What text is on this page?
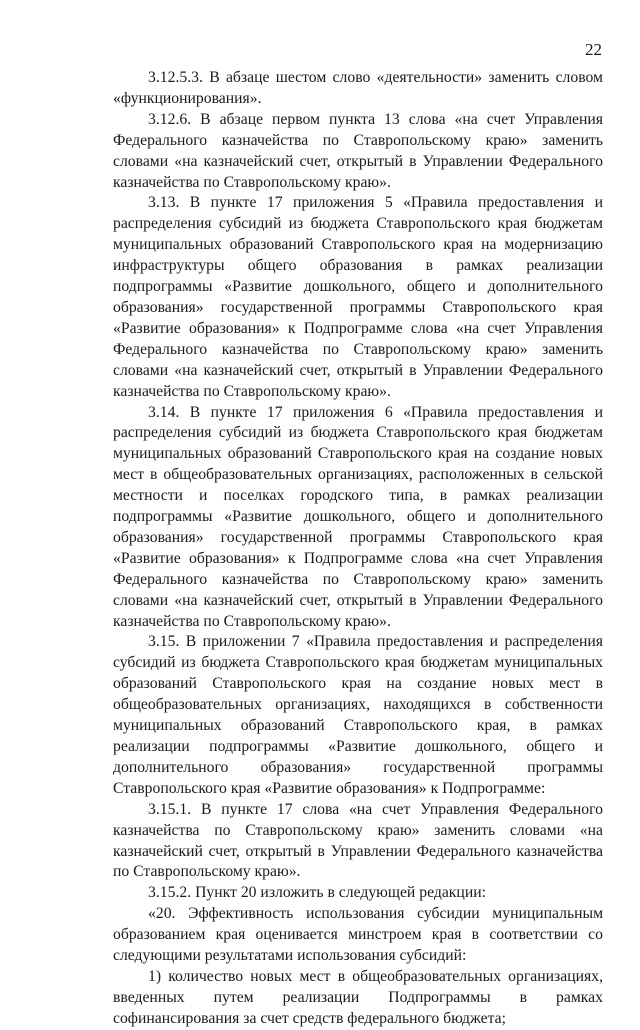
22

3.12.5.3. В абзаце шестом слово «деятельности» заменить словом «функционирования».

3.12.6. В абзаце первом пункта 13 слова «на счет Управления Федерального казначейства по Ставропольскому краю» заменить словами «на казначейский счет, открытый в Управлении Федерального казначейства по Ставропольскому краю».

3.13. В пункте 17 приложения 5 «Правила предоставления и распределения субсидий из бюджета Ставропольского края бюджетам муниципальных образований Ставропольского края на модернизацию инфраструктуры общего образования в рамках реализации подпрограммы «Развитие дошкольного, общего и дополнительного образования» государственной программы Ставропольского края «Развитие образования» к Подпрограмме слова «на счет Управления Федерального казначейства по Ставропольскому краю» заменить словами «на казначейский счет, открытый в Управлении Федерального казначейства по Ставропольскому краю».

3.14. В пункте 17 приложения 6 «Правила предоставления и распределения субсидий из бюджета Ставропольского края бюджетам муниципальных образований Ставропольского края на создание новых мест в общеобразовательных организациях, расположенных в сельской местности и поселках городского типа, в рамках реализации подпрограммы «Развитие дошкольного, общего и дополнительного образования» государственной программы Ставропольского края «Развитие образования» к Подпрограмме слова «на счет Управления Федерального казначейства по Ставропольскому краю» заменить словами «на казначейский счет, открытый в Управлении Федерального казначейства по Ставропольскому краю».

3.15. В приложении 7 «Правила предоставления и распределения субсидий из бюджета Ставропольского края бюджетам муниципальных образований Ставропольского края на создание новых мест в общеобразовательных организациях, находящихся в собственности муниципальных образований Ставропольского края, в рамках реализации подпрограммы «Развитие дошкольного, общего и дополнительного образования» государственной программы Ставропольского края «Развитие образования» к Подпрограмме:

3.15.1. В пункте 17 слова «на счет Управления Федерального казначейства по Ставропольскому краю» заменить словами «на казначейский счет, открытый в Управлении Федерального казначейства по Ставропольскому краю».

3.15.2. Пункт 20 изложить в следующей редакции:

«20. Эффективность использования субсидии муниципальным образованием края оценивается минстроем края в соответствии со следующими результатами использования субсидий:

1) количество новых мест в общеобразовательных организациях, введенных путем реализации Подпрограммы в рамках софинансирования за счет средств федерального бюджета;
